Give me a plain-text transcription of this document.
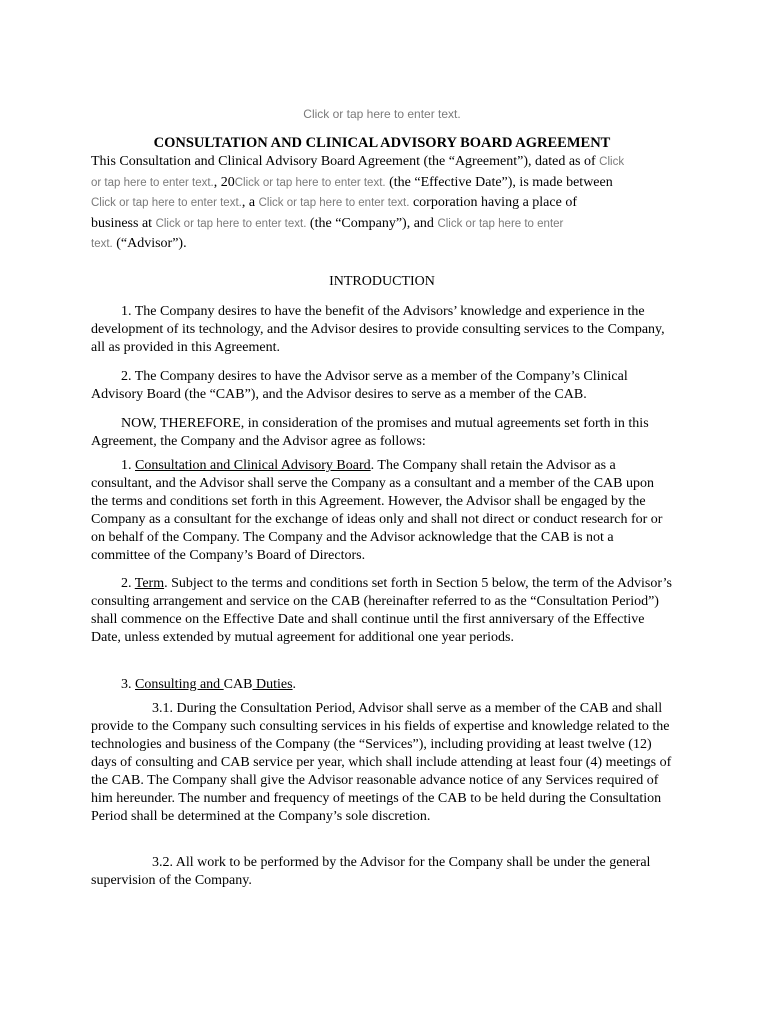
Click or tap here to enter text.
CONSULTATION AND CLINICAL ADVISORY BOARD AGREEMENT
This Consultation and Clinical Advisory Board Agreement (the “Agreement”), dated as of Click
or tap here to enter text., 20Click or tap here to enter text. (the “Effective Date”), is made between
Click or tap here to enter text., a Click or tap here to enter text. corporation having a place of
business at Click or tap here to enter text. (the “Company”), and Click or tap here to enter
text. (“Advisor”).
INTRODUCTION

1. The Company desires to have the benefit of the Advisors’ knowledge and experience in the development of its technology, and the Advisor desires to provide consulting services to the Company, all as provided in this Agreement.

2. The Company desires to have the Advisor serve as a member of the Company’s Clinical Advisory Board (the “CAB”), and the Advisor desires to serve as a member of the CAB.

NOW, THEREFORE, in consideration of the promises and mutual agreements set forth in this Agreement, the Company and the Advisor agree as follows:

1. Consultation and Clinical Advisory Board. The Company shall retain the Advisor as a consultant, and the Advisor shall serve the Company as a consultant and a member of the CAB upon the terms and conditions set forth in this Agreement. However, the Advisor shall be engaged by the Company as a consultant for the exchange of ideas only and shall not direct or conduct research for or on behalf of the Company. The Company and the Advisor acknowledge that the CAB is not a committee of the Company’s Board of Directors.

2. Term. Subject to the terms and conditions set forth in Section 5 below, the term of the Advisor’s consulting arrangement and service on the CAB (hereinafter referred to as the “Consultation Period”) shall commence on the Effective Date and shall continue until the first anniversary of the Effective Date, unless extended by mutual agreement for additional one year periods.

3. Consulting and CAB Duties.

3.1. During the Consultation Period, Advisor shall serve as a member of the CAB and shall provide to the Company such consulting services in his fields of expertise and knowledge related to the technologies and business of the Company (the “Services”), including providing at least twelve (12) days of consulting and CAB service per year, which shall include attending at least four (4) meetings of the CAB. The Company shall give the Advisor reasonable advance notice of any Services required of him hereunder. The number and frequency of meetings of the CAB to be held during the Consultation Period shall be determined at the Company’s sole discretion.

3.2. All work to be performed by the Advisor for the Company shall be under the general supervision of the Company.
